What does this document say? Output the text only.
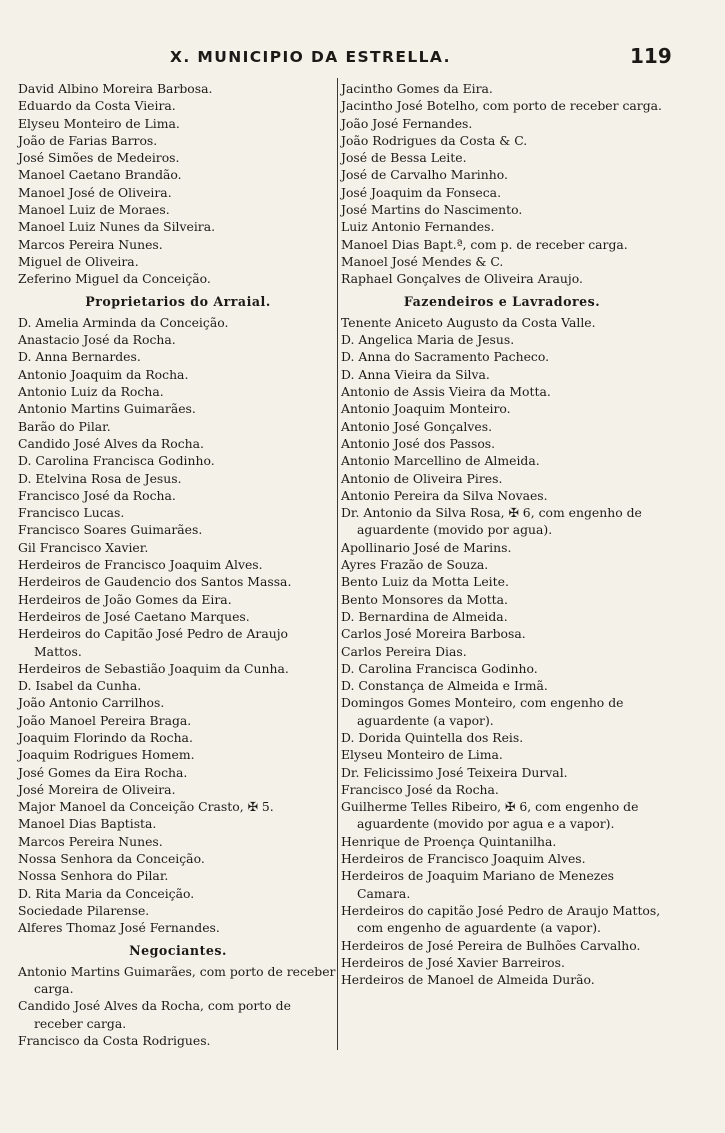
X. MUNICIPIO DA ESTRELLA.	119
David Albino Moreira Barbosa.
Eduardo da Costa Vieira.
Elyseu Monteiro de Lima.
João de Farias Barros.
José Simões de Medeiros.
Manoel Caetano Brandão.
Manoel José de Oliveira.
Manoel Luiz de Moraes.
Manoel Luiz Nunes da Silveira.
Marcos Pereira Nunes.
Miguel de Oliveira.
Zeferino Miguel da Conceição.
Proprietarios do Arraial.
D. Amelia Arminda da Conceição.
Anastacio José da Rocha.
D. Anna Bernardes.
Antonio Joaquim da Rocha.
Antonio Luiz da Rocha.
Antonio Martins Guimarães.
Barão do Pilar.
Candido José Alves da Rocha.
D. Carolina Francisca Godinho.
D. Etelvina Rosa de Jesus.
Francisco José da Rocha.
Francisco Lucas.
Francisco Soares Guimarães.
Gil Francisco Xavier.
Herdeiros de Francisco Joaquim Alves.
Herdeiros de Gaudencio dos Santos Massa.
Herdeiros de João Gomes da Eira.
Herdeiros de José Caetano Marques.
Herdeiros do Capitão José Pedro de Araujo Mattos.
Herdeiros de Sebastião Joaquim da Cunha.
D. Isabel da Cunha.
João Antonio Carrilhos.
João Manoel Pereira Braga.
Joaquim Florindo da Rocha.
Joaquim Rodrigues Homem.
José Gomes da Eira Rocha.
José Moreira de Oliveira.
Major Manoel da Conceição Crasto, ✠ 5.
Manoel Dias Baptista.
Marcos Pereira Nunes.
Nossa Senhora da Conceição.
Nossa Senhora do Pilar.
D. Rita Maria da Conceição.
Sociedade Pilarense.
Alferes Thomaz José Fernandes.
Negociantes.
Antonio Martins Guimarães, com porto de receber carga.
Candido José Alves da Rocha, com porto de receber carga.
Francisco da Costa Rodrigues.
Jacintho Gomes da Eira.
Jacintho José Botelho, com porto de receber carga.
João José Fernandes.
João Rodrigues da Costa & C.
José de Bessa Leite.
José de Carvalho Marinho.
José Joaquim da Fonseca.
José Martins do Nascimento.
Luiz Antonio Fernandes.
Manoel Dias Bapt.ª, com p. de receber carga.
Manoel José Mendes & C.
Raphael Gonçalves de Oliveira Araujo.
Fazendeiros e Lavradores.
Tenente Aniceto Augusto da Costa Valle.
D. Angelica Maria de Jesus.
D. Anna do Sacramento Pacheco.
D. Anna Vieira da Silva.
Antonio de Assis Vieira da Motta.
Antonio Joaquim Monteiro.
Antonio José Gonçalves.
Antonio José dos Passos.
Antonio Marcellino de Almeida.
Antonio de Oliveira Pires.
Antonio Pereira da Silva Novaes.
Dr. Antonio da Silva Rosa, ✠ 6, com engenho de aguardente (movido por agua).
Apollinario José de Marins.
Ayres Frazão de Souza.
Bento Luiz da Motta Leite.
Bento Monsores da Motta.
D. Bernardina de Almeida.
Carlos José Moreira Barbosa.
Carlos Pereira Dias.
D. Carolina Francisca Godinho.
D. Constança de Almeida e Irmã.
Domingos Gomes Monteiro, com engenho de aguardente (a vapor).
D. Dorida Quintella dos Reis.
Elyseu Monteiro de Lima.
Dr. Felicissimo José Teixeira Durval.
Francisco José da Rocha.
Guilherme Telles Ribeiro, ✠ 6, com engenho de aguardente (movido por agua e a vapor).
Henrique de Proença Quintanilha.
Herdeiros de Francisco Joaquim Alves.
Herdeiros de Joaquim Mariano de Menezes Camara.
Herdeiros do capitão José Pedro de Araujo Mattos, com engenho de aguardente (a vapor).
Herdeiros de José Pereira de Bulhões Carvalho.
Herdeiros de José Xavier Barreiros.
Herdeiros de Manoel de Almeida Durão.
